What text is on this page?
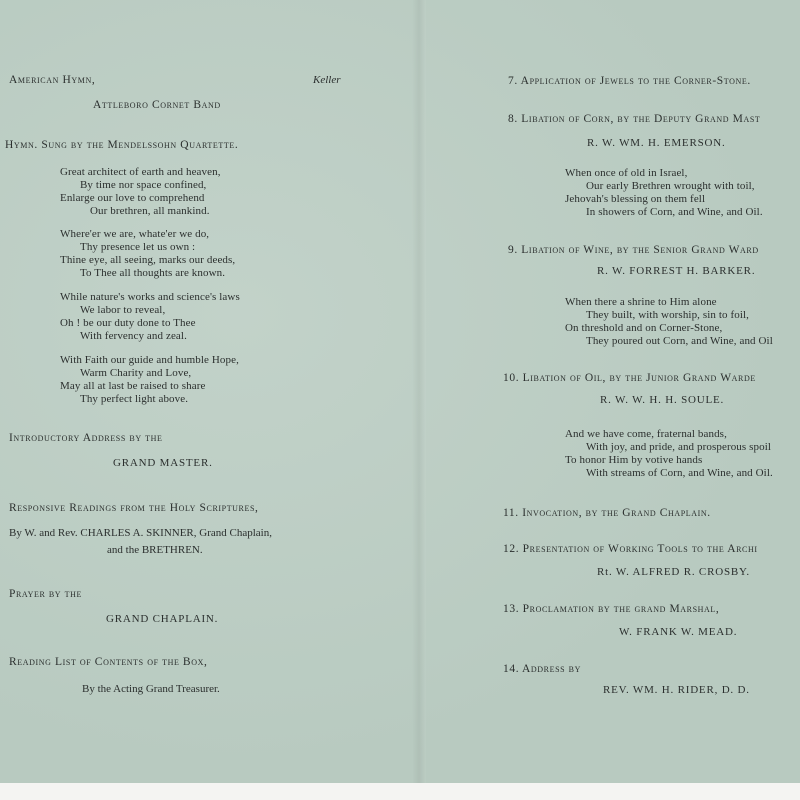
American Hymn,	Keller
Attleboro Cornet Band
Hymn. Sung by the Mendelssohn Quartette.
Great architect of earth and heaven,
By time nor space confined,
Enlarge our love to comprehend
Our brethren, all mankind.
Where'er we are, whate'er we do,
Thy presence let us own :
Thine eye, all seeing, marks our deeds,
To Thee all thoughts are known.
While nature's works and science's laws
We labor to reveal,
Oh ! be our duty done to Thee
With fervency and zeal.
With Faith our guide and humble Hope,
Warm Charity and Love,
May all at last be raised to share
Thy perfect light above.
Introductory Address by the
GRAND MASTER.
Responsive Readings from the Holy Scriptures,
By W. and Rev. CHARLES A. SKINNER, Grand Chaplain,
and the BRETHREN.
Prayer by the
GRAND CHAPLAIN.
Reading List of Contents of the Box,
By the Acting Grand Treasurer.
7. Application of Jewels to the Corner-Stone.
8. Libation of Corn, by the Deputy Grand Mast
R. W. WM. H. EMERSON.
When once of old in Israel,
Our early Brethren wrought with toil,
Jehovah's blessing on them fell
In showers of Corn, and Wine, and Oil.
9. Libation of Wine, by the Senior Grand Ward
R. W. FORREST H. BARKER.
When there a shrine to Him alone
They built, with worship, sin to foil,
On threshold and on Corner-Stone,
They poured out Corn, and Wine, and Oil
10. Libation of Oil, by the Junior Grand Warde
R. W. W. H. H. SOULE.
And we have come, fraternal bands,
With joy, and pride, and prosperous spoil
To honor Him by votive hands
With streams of Corn, and Wine, and Oil.
11. Invocation, by the Grand Chaplain.
12. Presentation of Working Tools to the Archi
Rt. W. ALFRED R. CROSBY.
13. Proclamation by the grand Marshal,
W. FRANK W. MEAD.
14. Address by
REV. WM. H. RIDER, D. D.
